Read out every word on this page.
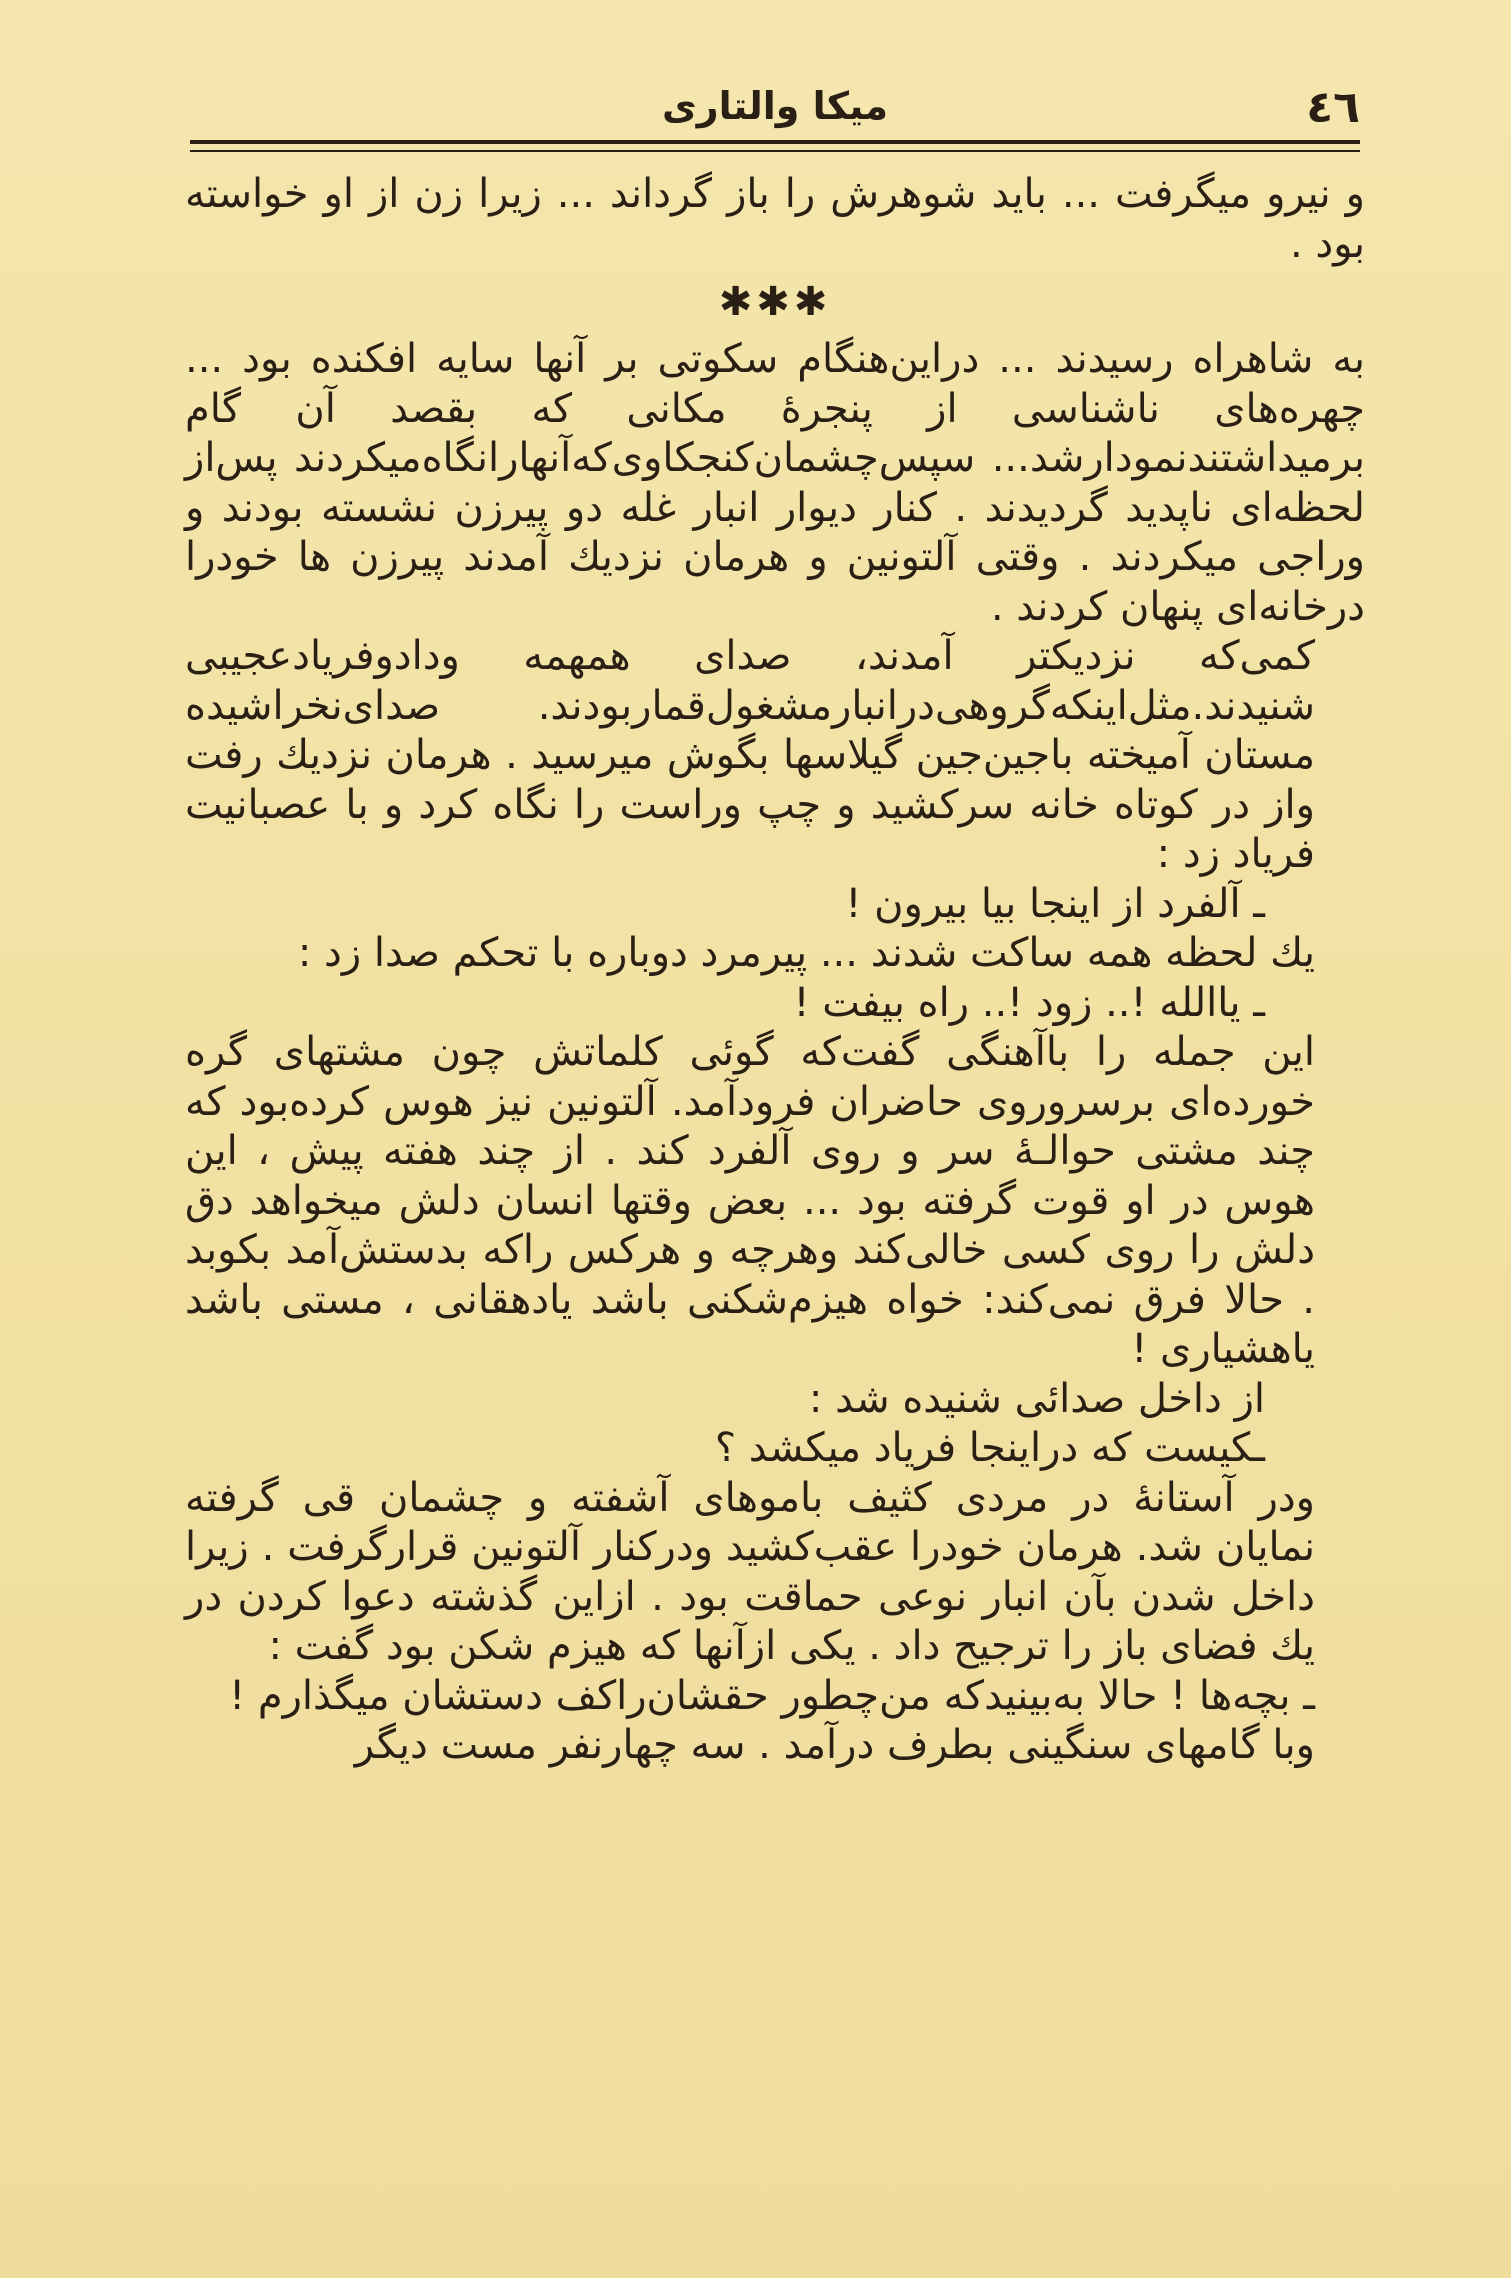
٤٦
میکا والتاری

و نیرو میگرفت ... باید شوهرش را باز گرداند ... زیرا زن از او خواسته بود .

✱✱✱

به شاهراه رسیدند ... دراین‌هنگام سکوتی بر آنها سایه افکنده بود ... چهره‌های ناشناسی از پنجرهٔ مکانی که بقصد آن گام برمیداشتندنمودارشد... سپس‌چشمان‌کنجکاوی‌که‌آنهارانگاه‌میکردند پس‌از لحظه‌ای ناپدید گردیدند . کنار دیوار انبار غله دو پیرزن نشسته بودند و وراجی میکردند . وقتی آلتونین و هرمان نزدیك آمدند پیرزن ها خودرا درخانه‌ای پنهان کردند .

کمی‌که نزدیکتر آمدند، صدای همهمه ودادوفریادعجیبی شنیدند.مثل‌اینکه‌گروهی‌درانبارمشغول‌قماربودند. صدای‌نخراشیده مستان آمیخته باجین‌جین گیلاسها بگوش میرسید . هرمان نزدیك رفت واز در کوتاه خانه سرکشید و چپ وراست را نگاه کرد و با عصبانیت فریاد زد :

ـ آلفرد از اینجا بیا بیرون !

یك لحظه همه ساکت شدند ... پیرمرد دوباره با تحکم صدا زد :

ـ یاالله !.. زود !.. راه بیفت !

این جمله را باآهنگی گفت‌که گوئی کلماتش چون مشتهای گره خورده‌ای برسروروی حاضران فرودآمد. آلتونین نیز هوس کرده‌بود که چند مشتی حوالـهٔ سر و روی آلفرد کند . از چند هفته پیش ، این هوس در او قوت گرفته بود ... بعض وقتها انسان دلش میخواهد دق دلش را روی کسی خالی‌کند وهرچه و هرکس راکه بدستش‌آمد بکوبد . حالا فرق نمی‌کند: خواه هیزم‌شکنی باشد یادهقانی ، مستی باشد یاهشیاری !

از داخل صدائی شنیده شد :

ـکیست که دراینجا فریاد میکشد ؟

ودر آستانهٔ در مردی کثیف باموهای آشفته و چشمان قی گرفته نمایان شد. هرمان خودرا عقب‌کشید ودرکنار آلتونین قرارگرفت . زیرا داخل شدن بآن انبار نوعی حماقت بود . ازاین گذشته دعوا کردن در یك فضای باز را ترجیح داد . یکی ازآنها که هیزم شکن بود گفت :

ـ بچه‌ها ! حالا به‌بینیدکه من‌چطور حقشان‌راکف دستشان میگذارم !

وبا گامهای سنگینی بطرف درآمد . سه چهارنفر مست دیگر
